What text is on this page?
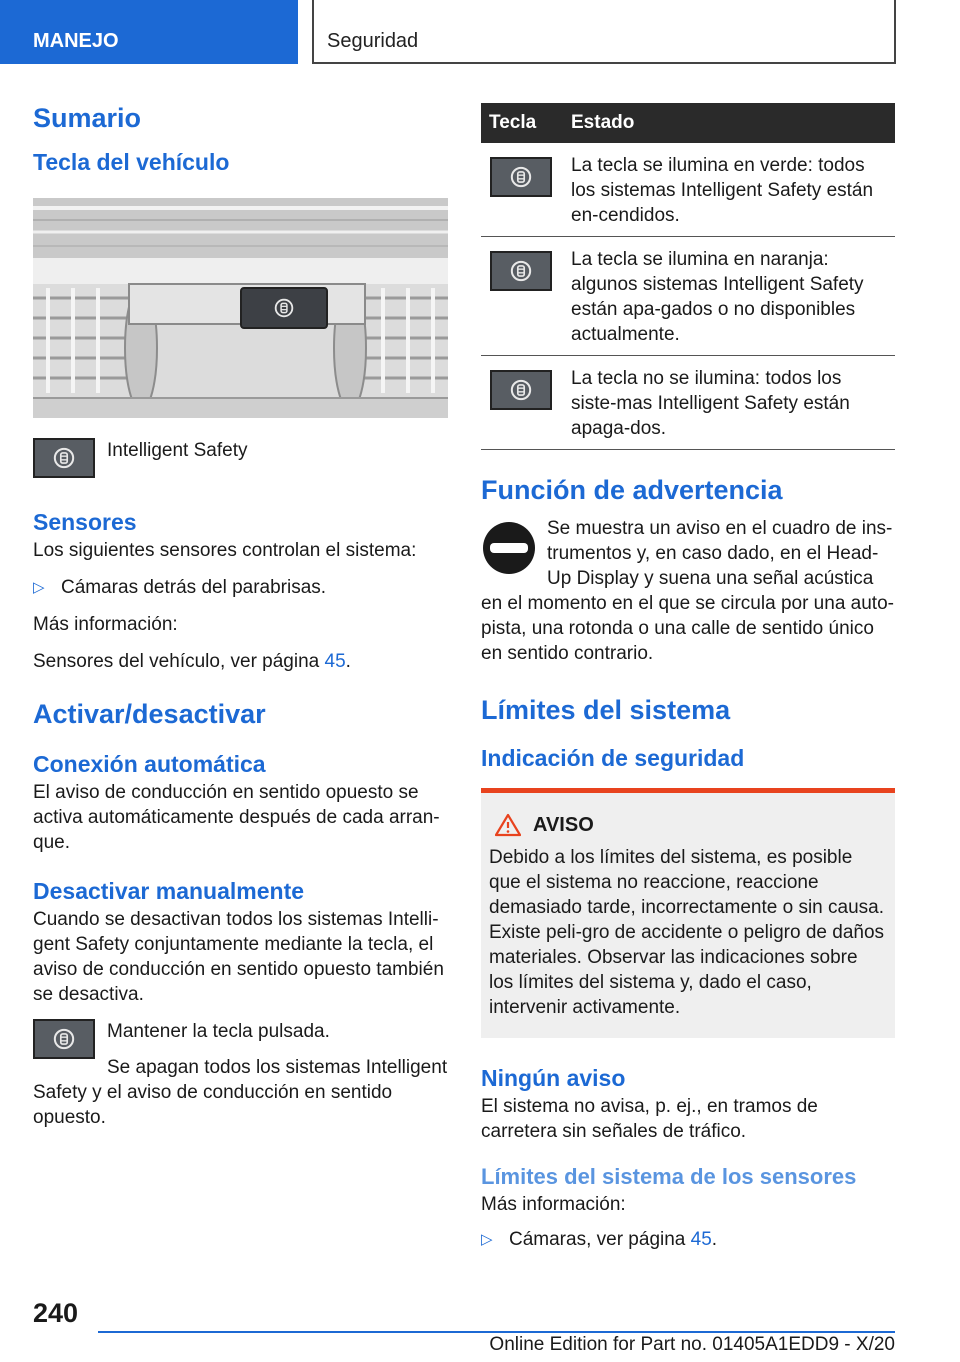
MANEJO	Seguridad
Sumario
Tecla del vehículo

Intelligent Safety

Sensores

Los siguientes sensores controlan el sistema:

▷ Cámaras detrás del parabrisas.

Más información:

Sensores del vehículo, ver página 45.

Activar/desactivar
Conexión automática

El aviso de conducción en sentido opuesto se activa automáticamente después de cada arran-que.

Desactivar manualmente

Cuando se desactivan todos los sistemas Intelli-gent Safety conjuntamente mediante la tecla, el aviso de conducción en sentido opuesto también se desactiva.

Mantener la tecla pulsada.

Se apagan todos los sistemas Intelligent Safety y el aviso de conducción en sentido opuesto.

Tecla	Estado

	La tecla se ilumina en verde: todos los sistemas Intelligent Safety están en-cendidos.

	La tecla se ilumina en naranja: algunos sistemas Intelligent Safety están apa-gados o no disponibles actualmente.

	La tecla no se ilumina: todos los siste-mas Intelligent Safety están apaga-dos.
Función de advertencia

Se muestra un aviso en el cuadro de ins-trumentos y, en caso dado, en el Head-Up Display y suena una señal acústica en el momento en el que se circula por una auto-pista, una rotonda o una calle de sentido único en sentido contrario.

Límites del sistema
Indicación de seguridad
AVISO

Debido a los límites del sistema, es posible que el sistema no reaccione, reaccione demasiado tarde, incorrectamente o sin causa. Existe peli-gro de accidente o peligro de daños materiales. Observar las indicaciones sobre los límites del sistema y, dado el caso, intervenir activamente.

Ningún aviso

El sistema no avisa, p. ej., en tramos de carretera sin señales de tráfico.

Límites del sistema de los sensores

Más información:

▷ Cámaras, ver página 45.
240
Online Edition for Part no. 01405A1EDD9 - X/20
